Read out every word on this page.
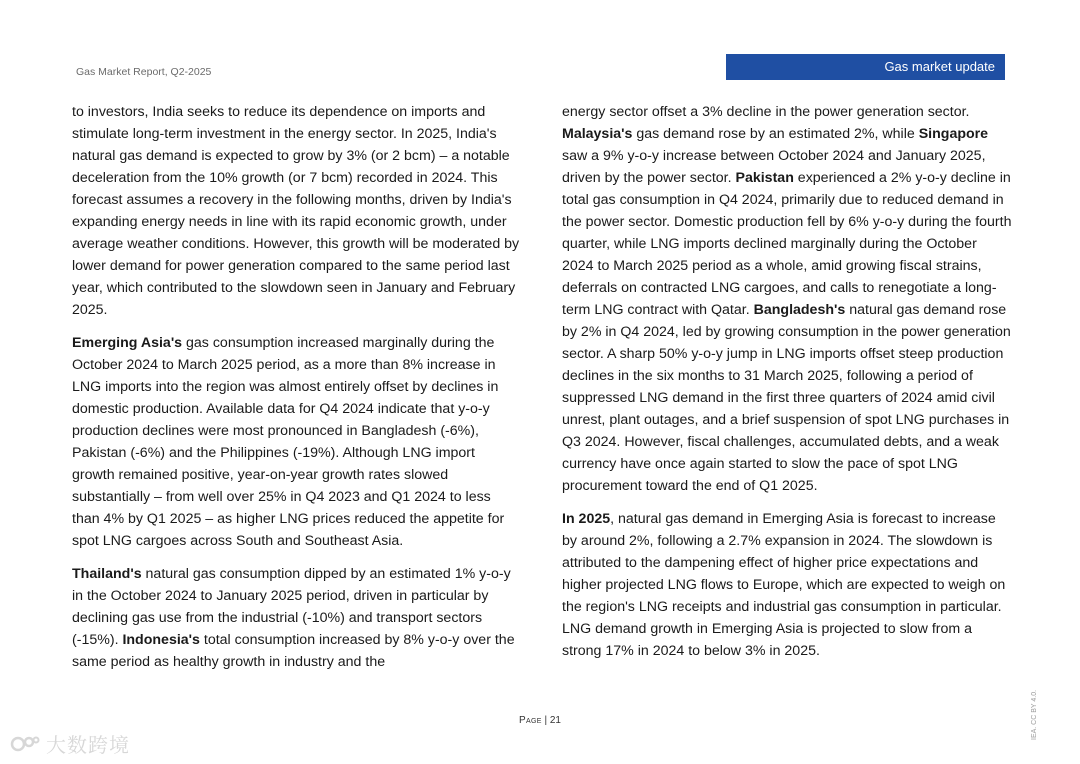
Gas Market Report, Q2-2025	Gas market update

to investors, India seeks to reduce its dependence on imports and stimulate long-term investment in the energy sector. In 2025, India's natural gas demand is expected to grow by 3% (or 2 bcm) – a notable deceleration from the 10% growth (or 7 bcm) recorded in 2024. This forecast assumes a recovery in the following months, driven by India's expanding energy needs in line with its rapid economic growth, under average weather conditions. However, this growth will be moderated by lower demand for power generation compared to the same period last year, which contributed to the slowdown seen in January and February 2025.

Emerging Asia's gas consumption increased marginally during the October 2024 to March 2025 period, as a more than 8% increase in LNG imports into the region was almost entirely offset by declines in domestic production. Available data for Q4 2024 indicate that y-o-y production declines were most pronounced in Bangladesh (-6%), Pakistan (-6%) and the Philippines (-19%). Although LNG import growth remained positive, year-on-year growth rates slowed substantially – from well over 25% in Q4 2023 and Q1 2024 to less than 4% by Q1 2025 – as higher LNG prices reduced the appetite for spot LNG cargoes across South and Southeast Asia.

Thailand's natural gas consumption dipped by an estimated 1% y-o-y in the October 2024 to January 2025 period, driven in particular by declining gas use from the industrial (-10%) and transport sectors (-15%). Indonesia's total consumption increased by 8% y-o-y over the same period as healthy growth in industry and the

energy sector offset a 3% decline in the power generation sector. Malaysia's gas demand rose by an estimated 2%, while Singapore saw a 9% y-o-y increase between October 2024 and January 2025, driven by the power sector. Pakistan experienced a 2% y-o-y decline in total gas consumption in Q4 2024, primarily due to reduced demand in the power sector. Domestic production fell by 6% y-o-y during the fourth quarter, while LNG imports declined marginally during the October 2024 to March 2025 period as a whole, amid growing fiscal strains, deferrals on contracted LNG cargoes, and calls to renegotiate a long-term LNG contract with Qatar. Bangladesh's natural gas demand rose by 2% in Q4 2024, led by growing consumption in the power generation sector. A sharp 50% y-o-y jump in LNG imports offset steep production declines in the six months to 31 March 2025, following a period of suppressed LNG demand in the first three quarters of 2024 amid civil unrest, plant outages, and a brief suspension of spot LNG purchases in Q3 2024. However, fiscal challenges, accumulated debts, and a weak currency have once again started to slow the pace of spot LNG procurement toward the end of Q1 2025.

In 2025, natural gas demand in Emerging Asia is forecast to increase by around 2%, following a 2.7% expansion in 2024. The slowdown is attributed to the dampening effect of higher price expectations and higher projected LNG flows to Europe, which are expected to weigh on the region's LNG receipts and industrial gas consumption in particular. LNG demand growth in Emerging Asia is projected to slow from a strong 17% in 2024 to below 3% in 2025.

Page | 21	IEA. CC BY 4.0.
大数跨境
